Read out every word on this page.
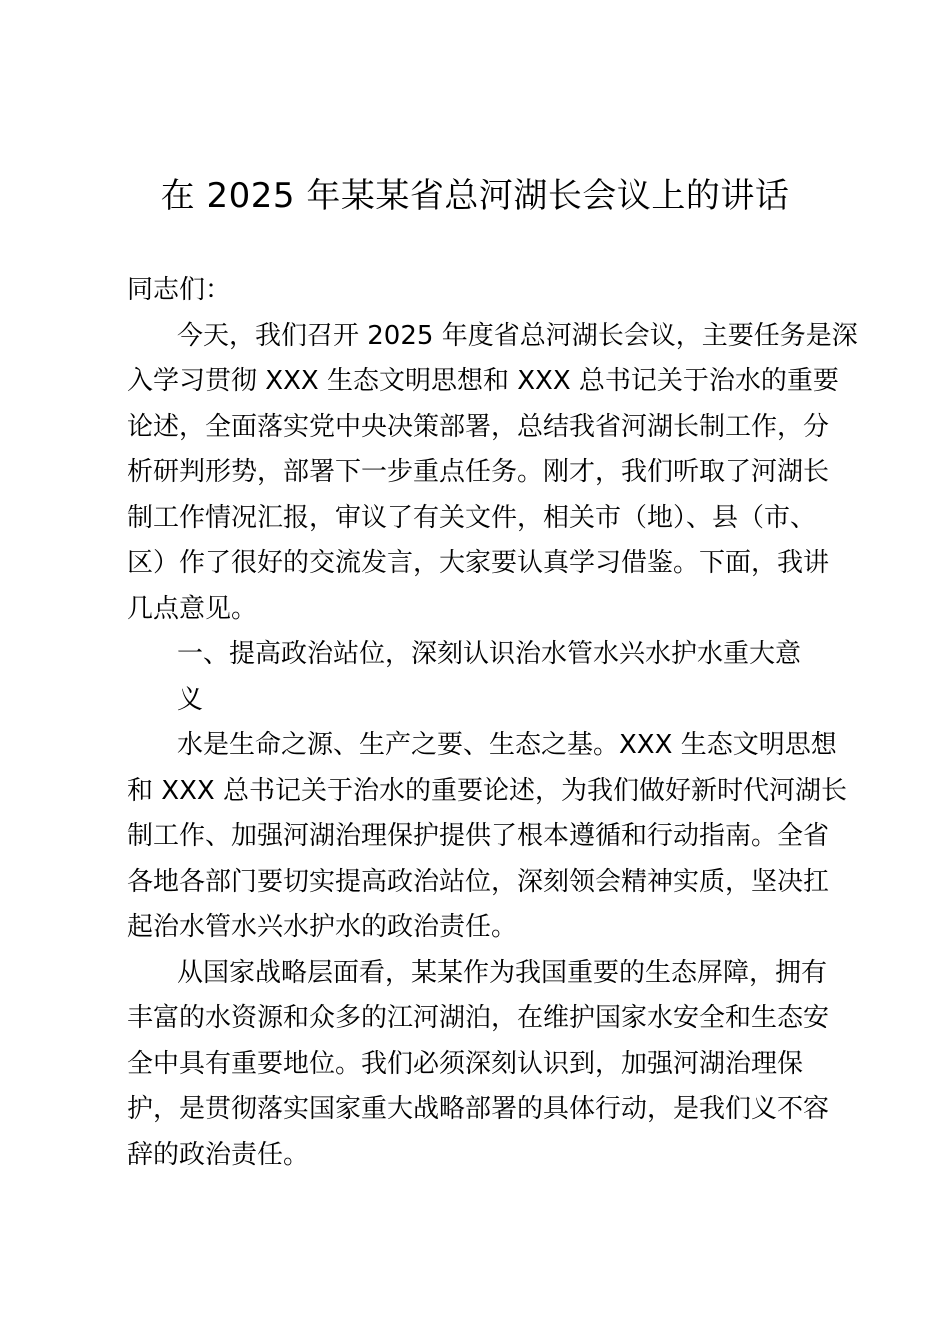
在 2025 年某某省总河湖长会议上的讲话
同志们：
今天，我们召开 2025 年度省总河湖长会议，主要任务是深
入学习贯彻 XXX 生态文明思想和 XXX 总书记关于治水的重要
论述，全面落实党中央决策部署，总结我省河湖长制工作，分
析研判形势，部署下一步重点任务。刚才，我们听取了河湖长
制工作情况汇报，审议了有关文件，相关市（地）、县（市、
区）作了很好的交流发言，大家要认真学习借鉴。下面，我讲
几点意见。
一、提高政治站位，深刻认识治水管水兴水护水重大意
义
水是生命之源、生产之要、生态之基。XXX 生态文明思想
和 XXX 总书记关于治水的重要论述，为我们做好新时代河湖长
制工作、加强河湖治理保护提供了根本遵循和行动指南。全省
各地各部门要切实提高政治站位，深刻领会精神实质，坚决扛
起治水管水兴水护水的政治责任。
从国家战略层面看，某某作为我国重要的生态屏障，拥有
丰富的水资源和众多的江河湖泊，在维护国家水安全和生态安
全中具有重要地位。我们必须深刻认识到，加强河湖治理保
护，是贯彻落实国家重大战略部署的具体行动，是我们义不容
辞的政治责任。
